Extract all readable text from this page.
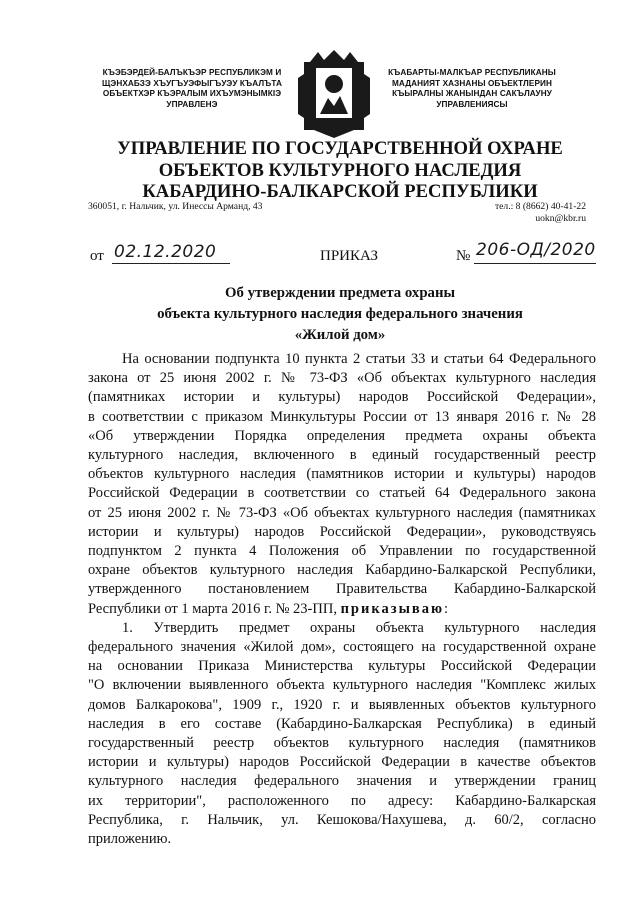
КЪЭБЭРДЕЙ-БАЛЪКЪЭР РЕСПУБЛИКЭМ И
ЩЭНХАБЗЭ ХЪУГЪУЭФЫГЪУЭУ КЪАЛЪТА
ОБЪЕКТХЭР КЪЭРАЛЫМ ИХЪУМЭНЫМКIЭ
УПРАВЛЕНЭ
КЪАБАРТЫ-МАЛКЪАР РЕСПУБЛИКАНЫ
МАДАНИЯТ ХАЗНАНЫ ОБЪЕКТЛЕРИН
КЪЫРАЛНЫ ЖАНЫНДАН САКЪЛАУНУ
УПРАВЛЕНИЯСЫ
УПРАВЛЕНИЕ ПО ГОСУДАРСТВЕННОЙ ОХРАНЕ
ОБЪЕКТОВ КУЛЬТУРНОГО НАСЛЕДИЯ
КАБАРДИНО-БАЛКАРСКОЙ РЕСПУБЛИКИ
360051, г. Нальчик, ул. Инессы Арманд, 43	тел.: 8 (8662) 40-41-22
uokn@kbr.ru
от 02.12.2020	ПРИКАЗ	№ 206-ОД/2020
Об утверждении предмета охраны
объекта культурного наследия федерального значения
«Жилой дом»

На основании подпункта 10 пункта 2 статьи 33 и статьи 64 Федерального
закона от 25 июня 2002 г. № 73-ФЗ «Об объектах культурного наследия
(памятниках истории и культуры) народов Российской Федерации»,
в соответствии с приказом Минкультуры России от 13 января 2016 г. № 28
«Об утверждении Порядка определения предмета охраны объекта
культурного наследия, включенного в единый государственный реестр
объектов культурного наследия (памятников истории и культуры) народов
Российской Федерации в соответствии со статьей 64 Федерального закона
от 25 июня 2002 г. № 73-ФЗ «Об объектах культурного наследия (памятниках
истории и культуры) народов Российской Федерации», руководствуясь
подпунктом 2 пункта 4 Положения об Управлении по государственной
охране объектов культурного наследия Кабардино-Балкарской Республики,
утвержденного постановлением Правительства Кабардино-Балкарской
Республики от 1 марта 2016 г. № 23-ПП, приказываю:

1. Утвердить предмет охраны объекта культурного наследия
федерального значения «Жилой дом», состоящего на государственной охране
на основании Приказа Министерства культуры Российской Федерации
"О включении выявленного объекта культурного наследия "Комплекс жилых
домов Балкарокова", 1909 г., 1920 г. и выявленных объектов культурного
наследия в его составе (Кабардино-Балкарская Республика) в единый
государственный реестр объектов культурного наследия (памятников
истории и культуры) народов Российской Федерации в качестве объектов
культурного наследия федерального значения и утверждении границ
их территории", расположенного по адресу: Кабардино-Балкарская
Республика, г. Нальчик, ул. Кешокова/Нахушева, д. 60/2, согласно
приложению.
